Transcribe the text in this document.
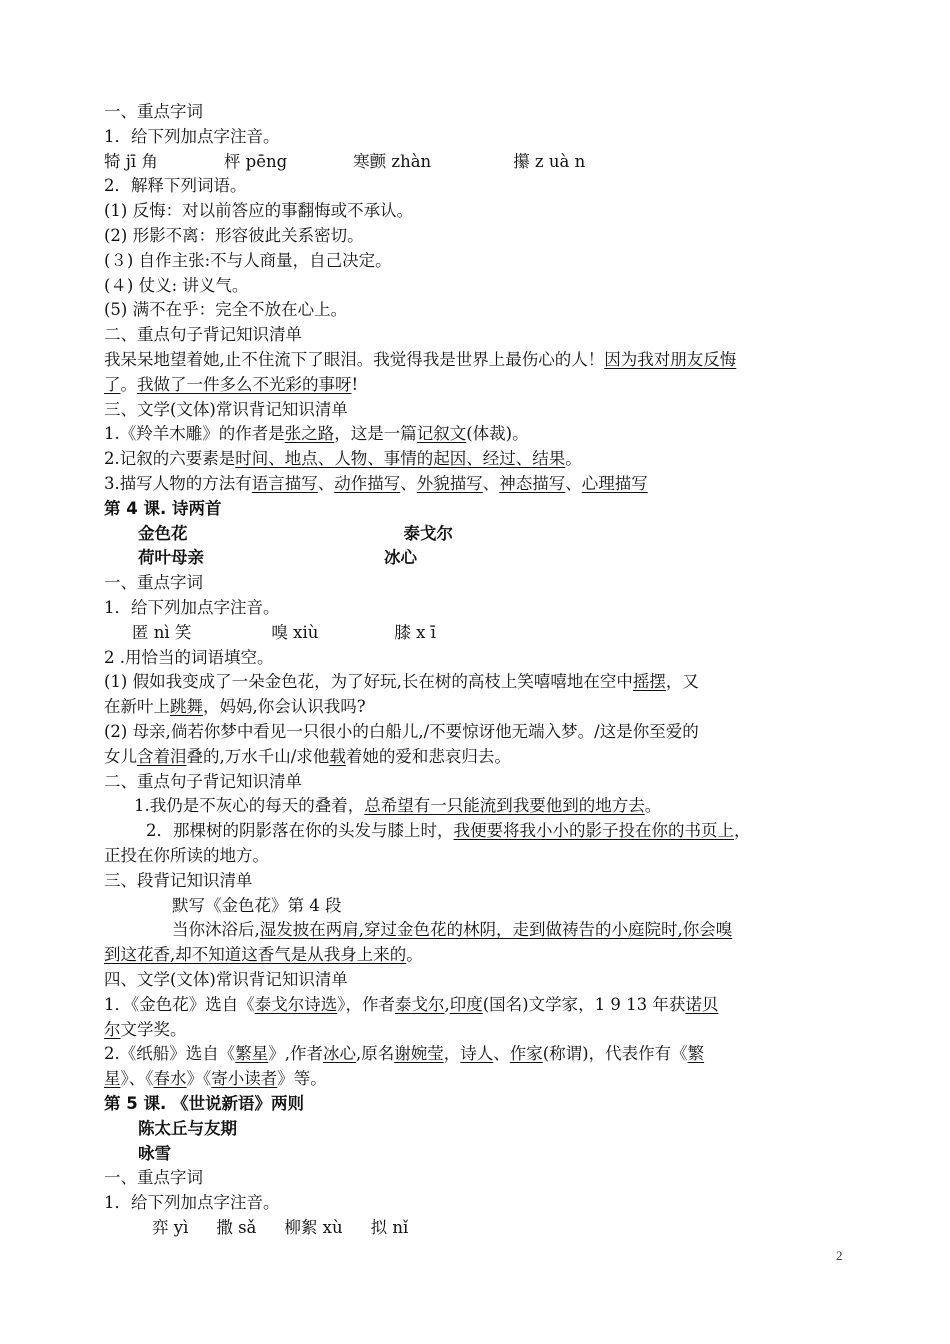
一、重点字词
1．给下列加点字注音。
犄 jī 角	枰 pēng	寒颤 zhàn	攥 z uà n
2．解释下列词语。
(1) 反悔：对以前答应的事翻悔或不承认。
(2) 形影不离：形容彼此关系密切。
(３) 自作主张:不与人商量，自己决定。
(４) 仗义: 讲义气。
(5) 满不在乎：完全不放在心上。
二、重点句子背记知识清单
我呆呆地望着她,止不住流下了眼泪。我觉得我是世界上最伤心的人！因为我对朋友反悔
了。我做了一件多么不光彩的事呀!
三、文学(文体)常识背记知识清单
1.《羚羊木雕》的作者是张之路，这是一篇记叙文(体裁)。
2.记叙的六要素是时间、地点、人物、事情的起因、经过、结果。
3.描写人物的方法有语言描写、动作描写、外貌描写、神态描写、心理描写
第 4 课. 诗两首
金色花	泰戈尔
荷叶母亲	冰心
一、重点字词
1．给下列加点字注音。
匿 nì 笑	嗅 xiù	膝 x ī
2 .用恰当的词语填空。
(1) 假如我变成了一朵金色花，为了好玩,长在树的高枝上笑嘻嘻地在空中摇摆，又
在新叶上跳舞，妈妈,你会认识我吗?
(2) 母亲,倘若你梦中看见一只很小的白船儿,/不要惊讶他无端入梦。/这是你至爱的
女儿含着泪叠的,万水千山/求他载着她的爱和悲哀归去。
二、重点句子背记知识清单
1.我仍是不灰心的每天的叠着，总希望有一只能流到我要他到的地方去。
2．那棵树的阴影落在你的头发与膝上时，我便要将我小小的影子投在你的书页上，
正投在你所读的地方。
三、段背记知识清单
默写《金色花》第 4 段
当你沐浴后,湿发披在两肩,穿过金色花的林阴，走到做祷告的小庭院时,你会嗅
到这花香,却不知道这香气是从我身上来的。
四、文学(文体)常识背记知识清单
1．《金色花》选自《泰戈尔诗选》，作者泰戈尔,印度(国名)文学家，1 9 13 年获诺贝
尔文学奖。
2.《纸船》选自《繁星》,作者冰心,原名谢婉莹，诗人、作家(称谓)，代表作有《繁
星》、《春水》《寄小读者》等。
第 5 课. 《世说新语》两则
陈太丘与友期
咏雪
一、重点字词
1．给下列加点字注音。
弈 yì 撒 sǎ 柳絮 xù 拟 nǐ
2
